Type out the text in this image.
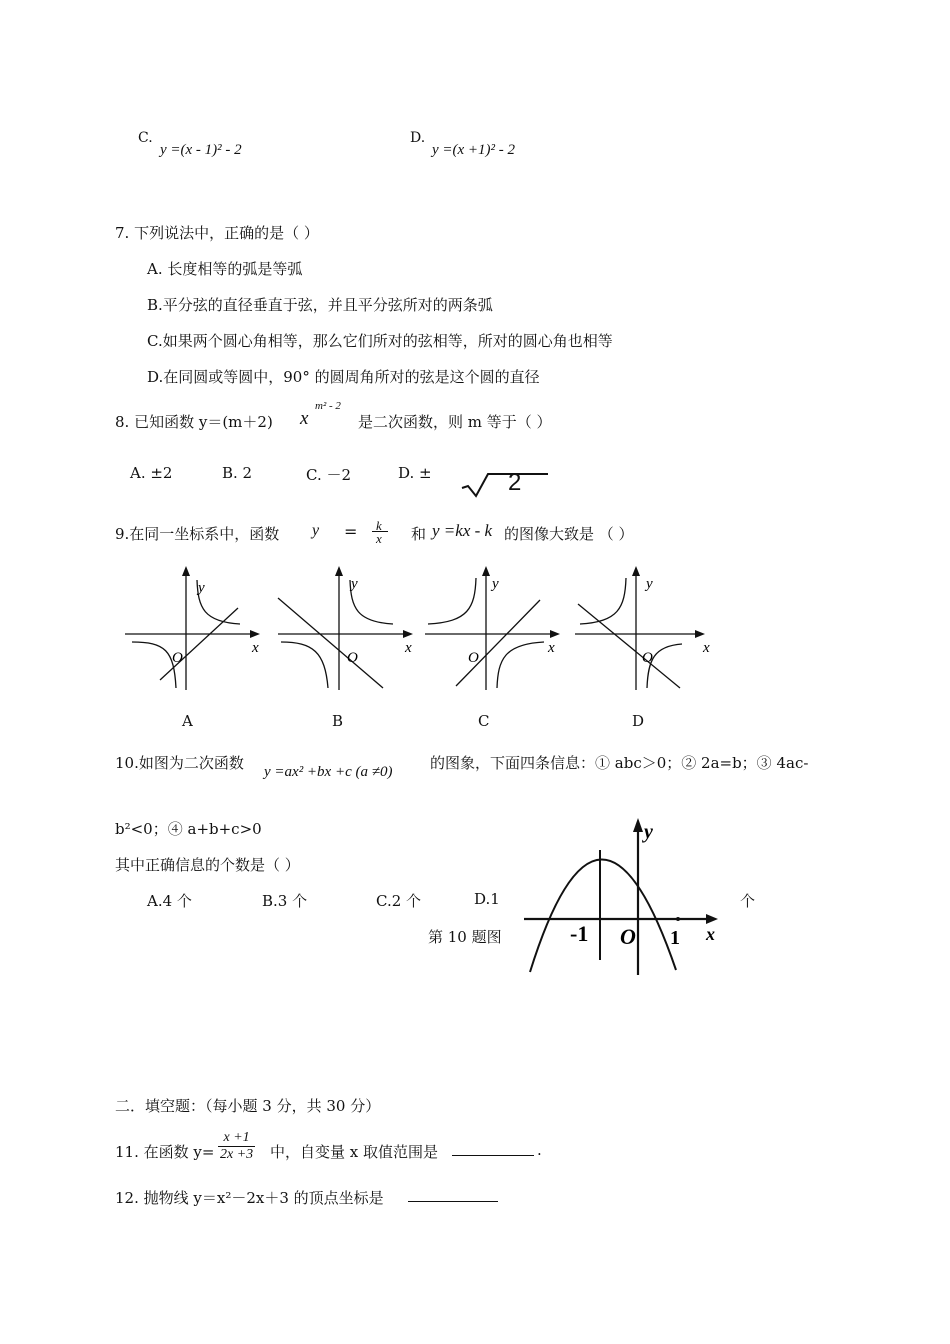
C.
y =(x - 1)² - 2
D.
y =(x +1)² - 2
7. 下列说法中，正确的是（ ）
A. 长度相等的弧是等弧
B.平分弦的直径垂直于弦，并且平分弦所对的两条弧
C.如果两个圆心角相等，那么它们所对的弦相等，所对的圆心角也相等
D.在同圆或等圆中，90° 的圆周角所对的弦是这个圆的直径
8. 已知函数 y＝(m＋2) x
m² - 2
是二次函数，则 m 等于（ ）
A. ±2	B. 2	C. －2	D. ±	2
9.在同一坐标系中，函数 y = k
x 和 y =kx - k 的图像大致是 （ ）
y
x
O
A
y
x
O
B
y
x
O
C
y
x
O
D
10.如图为二次函数 y =ax² +bx +c (a ≠0)	的图象，下面四条信息：① abc＞0；② 2a=b；③ 4ac-
b²<0；④ a+b+c>0
其中正确信息的个数是（ ）
A.4 个	B.3 个	C.2 个	D.1	个
第 10 题图
y
x
-1 O 1
二．填空题：（每小题 3 分，共 30 分）
11. 在函数 $y= \frac{x +1}{2x +3}$ 中，自变量 x 取值范围是	.
12. 抛物线 y＝x²－2x＋3 的顶点坐标是
